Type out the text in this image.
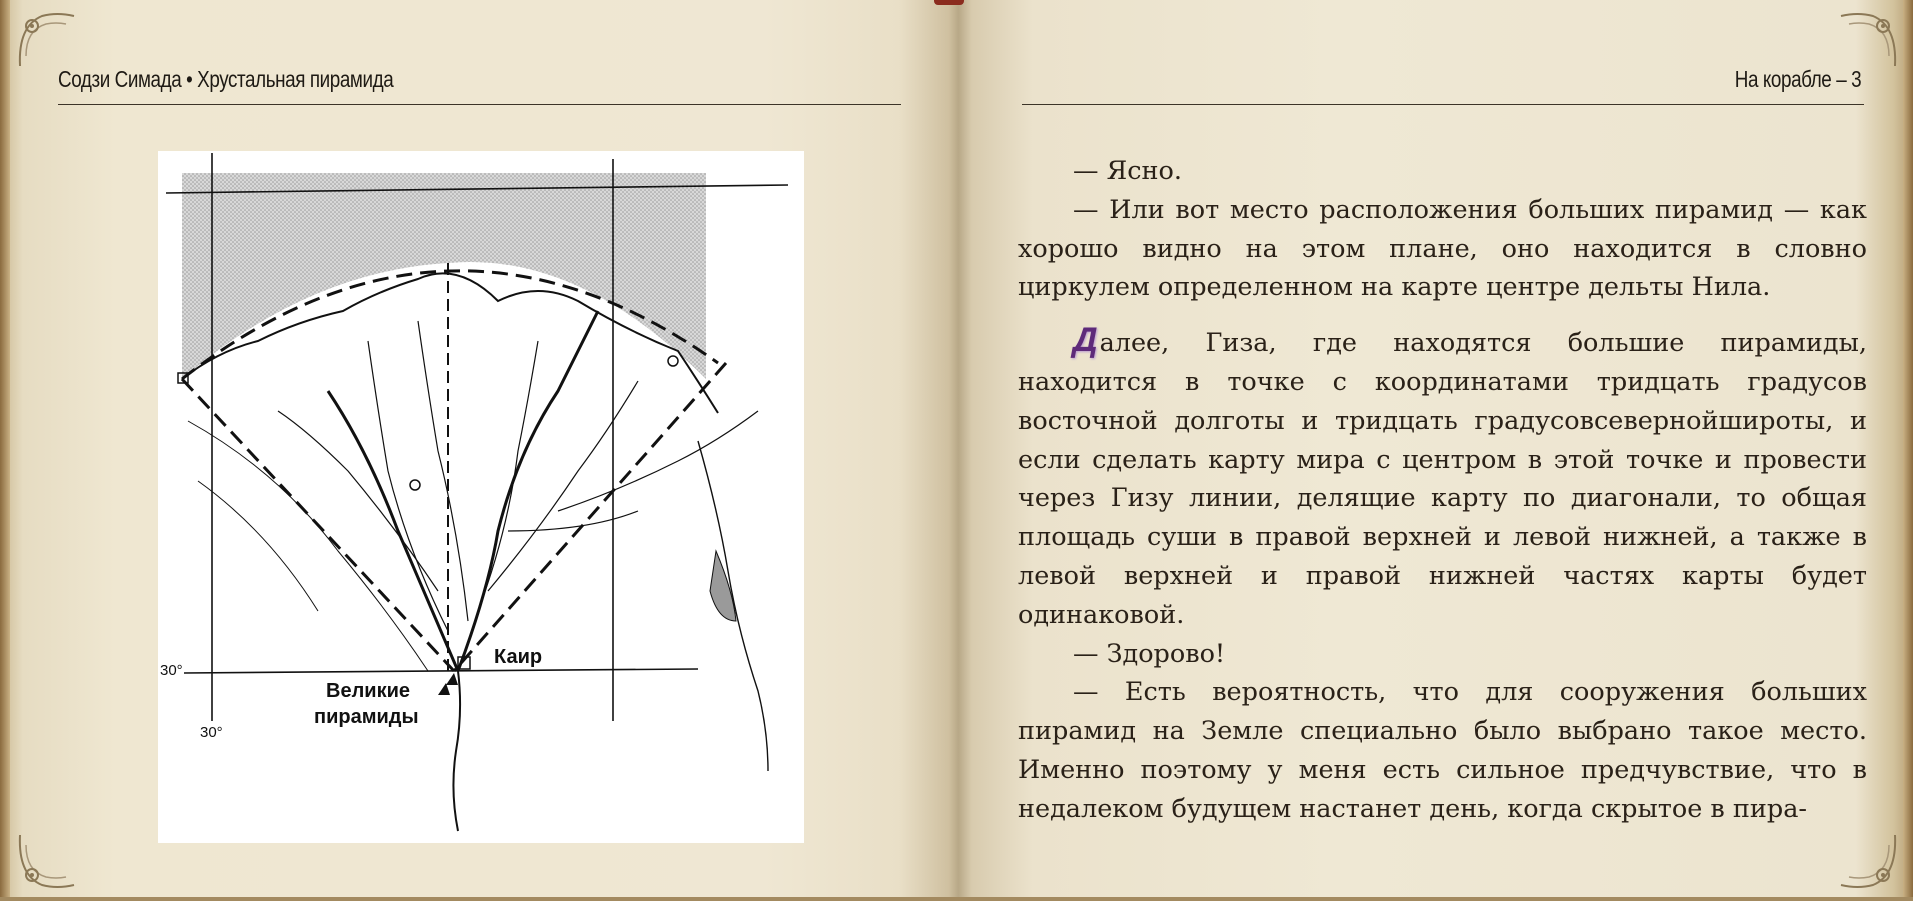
Содзи Симада • Хрустальная пирамида	На корабле – 3
Каир
Великие
пирамиды
30°
30°

— Ясно.

— Или вот место расположения больших пирамид — как хорошо видно на этом плане, оно находится в словно циркулем определенном на карте центре дельты Нила.

Далее, Гиза, где находятся большие пирамиды, находится в точке с координатами тридцать градусов восточной долготы и тридцать градусовсевернойширoты, и если сделать карту мира с центром в этой точке и провести через Гизу линии, делящие карту по диагонали, то общая площадь суши в правой верхней и левой нижней, а также в левой верхней и правой нижней частях карты будет одинаковой.

— Здорово!

— Есть вероятность, что для сооружения больших пирамид на Земле специально было выбрано такое место. Именно поэтому у меня есть сильное предчувствие, что в недалеком будущем настанет день, когда скрытое в пира-
